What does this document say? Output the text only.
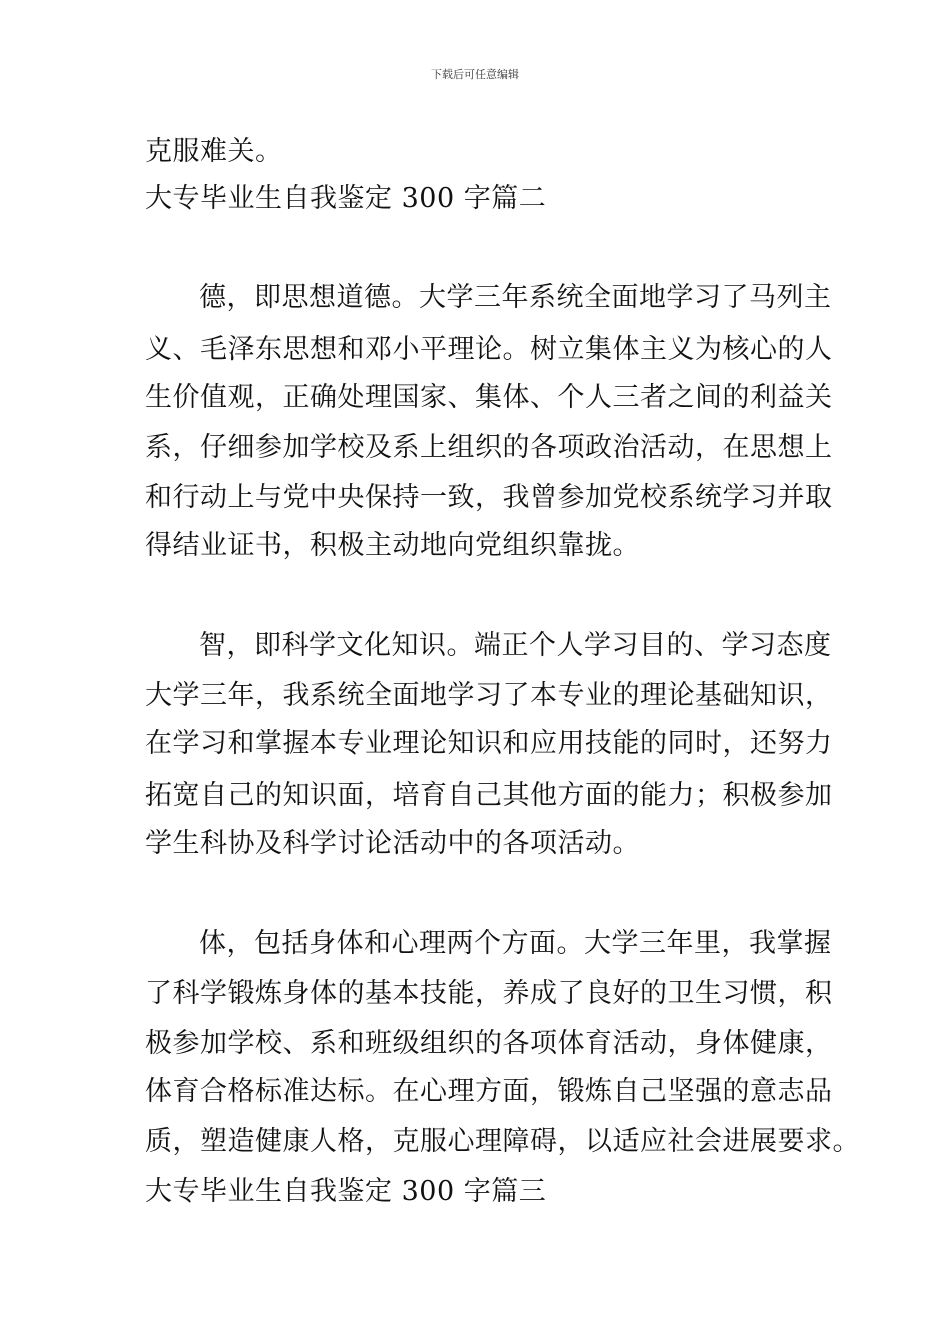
下载后可任意编辑
克服难关。
大专毕业生自我鉴定 300 字篇二
德，即思想道德。大学三年系统全面地学习了马列主
义、毛泽东思想和邓小平理论。树立集体主义为核心的人
生价值观，正确处理国家、集体、个人三者之间的利益关
系，仔细参加学校及系上组织的各项政治活动，在思想上
和行动上与党中央保持一致，我曾参加党校系统学习并取
得结业证书，积极主动地向党组织靠拢。
智，即科学文化知识。端正个人学习目的、学习态度
大学三年，我系统全面地学习了本专业的理论基础知识，
在学习和掌握本专业理论知识和应用技能的同时，还努力
拓宽自己的知识面，培育自己其他方面的能力；积极参加
学生科协及科学讨论活动中的各项活动。
体，包括身体和心理两个方面。大学三年里，我掌握
了科学锻炼身体的基本技能，养成了良好的卫生习惯，积
极参加学校、系和班级组织的各项体育活动，身体健康，
体育合格标准达标。在心理方面，锻炼自己坚强的意志品
质，塑造健康人格，克服心理障碍，以适应社会进展要求。
大专毕业生自我鉴定 300 字篇三
